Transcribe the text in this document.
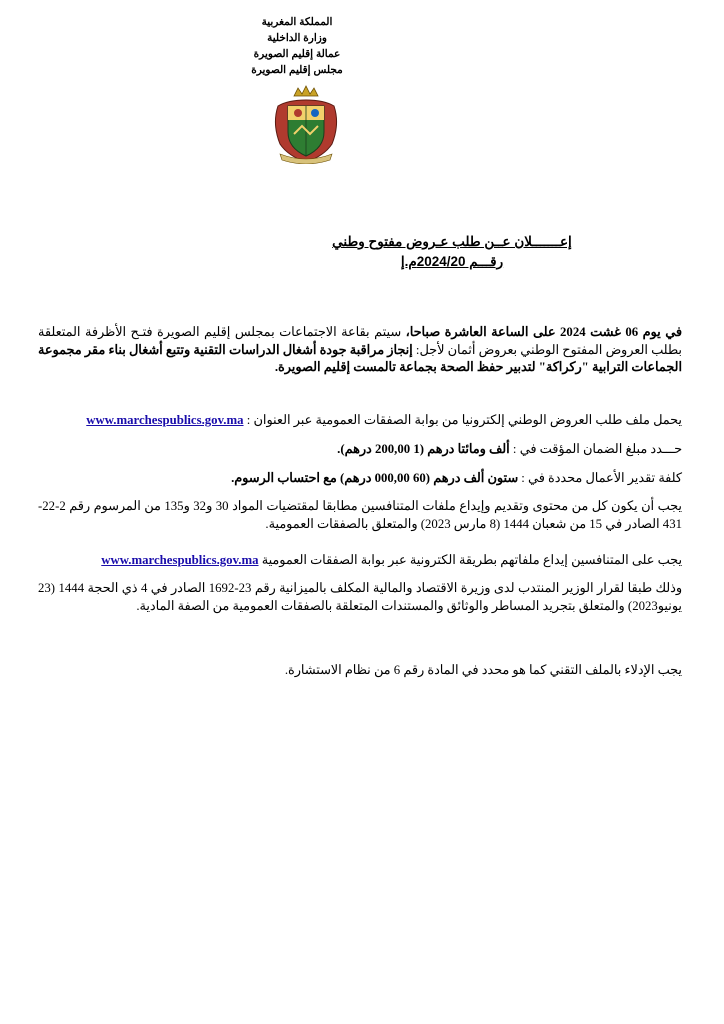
المملكة المغربية
وزارة الداخلية
عمالة إقليم الصويرة
مجلس إقليم الصويرة
إعـــــــلان عــن طلب عـروض مفتوح وطني
رقـــم 2024/20م.إ
في يوم 06 غشت 2024 على الساعة العاشرة صباحا، سيتم بقاعة الاجتماعات بمجلس إقليم الصويرة فتـح الأظرفة المتعلقة بطلب العروض المفتوح الوطني بعروض أثمان لأجل: إنجاز مراقبة جودة أشغال الدراسات التقنية وتتبع أشغال بناء مقر مجموعة الجماعات الترابية "ركراكة" لتدبير حفظ الصحة بجماعة تالمست إقليم الصويرة.
يحمل ملف طلب العروض الوطني إلكترونيا من بوابة الصفقات العمومية عبر العنوان : www.marchespublics.gov.ma
حـــدد مبلغ الضمان المؤقت في : ألف ومائتا درهم (1 200,00 درهم).
كلفة تقدير الأعمال محددة في : ستون ألف درهم (60 000,00 درهم) مع احتساب الرسوم.
يجب أن يكون كل من محتوى وتقديم وإيداع ملفات المتنافسين مطابقا لمقتضيات المواد 30 و32 و135 من المرسوم رقم 2-22-431 الصادر في 15 من شعبان 1444 (8 مارس 2023) والمتعلق بالصفقات العمومية.
يجب على المتنافسين إيداع ملفاتهم بطريقة الكترونية عبر بوابة الصفقات العمومية www.marchespublics.gov.ma
وذلك طبقا لقرار الوزير المنتدب لدى وزيرة الاقتصاد والمالية المكلف بالميزانية رقم 23-1692 الصادر في 4 ذي الحجة 1444 (23 يونيو2023) والمتعلق بتجريد المساطر والوثائق والمستندات المتعلقة بالصفقات العمومية من الصفة المادية.
يجب الإدلاء بالملف التقني كما هو محدد في المادة رقم 6 من نظام الاستشارة.
